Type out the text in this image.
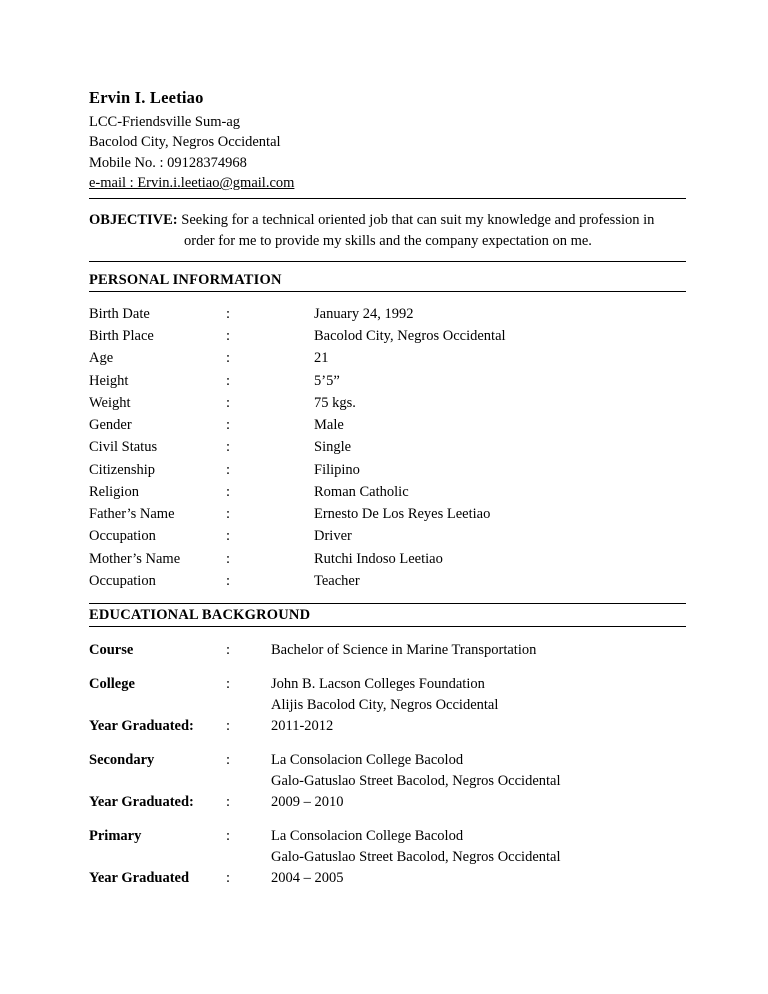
Ervin I. Leetiao
LCC-Friendsville Sum-ag
Bacolod City, Negros Occidental
Mobile No. : 09128374968
e-mail : Ervin.i.leetiao@gmail.com
OBJECTIVE: Seeking for a technical oriented job that can suit my knowledge and profession in
order for me to provide my skills and the company expectation on me.
PERSONAL INFORMATION
Birth Date	:	January 24, 1992
Birth Place	:	Bacolod City, Negros Occidental
Age	:	21
Height	:	5’5”
Weight	:	75 kgs.
Gender	:	Male
Civil Status	:	Single
Citizenship	:	Filipino
Religion	:	Roman Catholic
Father’s Name	:	Ernesto De Los Reyes Leetiao
Occupation	:	Driver
Mother’s Name	:	Rutchi Indoso Leetiao
Occupation	:	Teacher
EDUCATIONAL BACKGROUND
Course	:	Bachelor of Science in Marine Transportation
College	:	John B. Lacson Colleges Foundation
		Alijis Bacolod City, Negros Occidental
Year Graduated:	:	2011-2012
Secondary	:	La Consolacion College Bacolod
		Galo-Gatuslao Street Bacolod, Negros Occidental
Year Graduated:	:	2009 – 2010
Primary	:	La Consolacion College Bacolod
		Galo-Gatuslao Street Bacolod, Negros Occidental
Year Graduated	:	2004 – 2005
